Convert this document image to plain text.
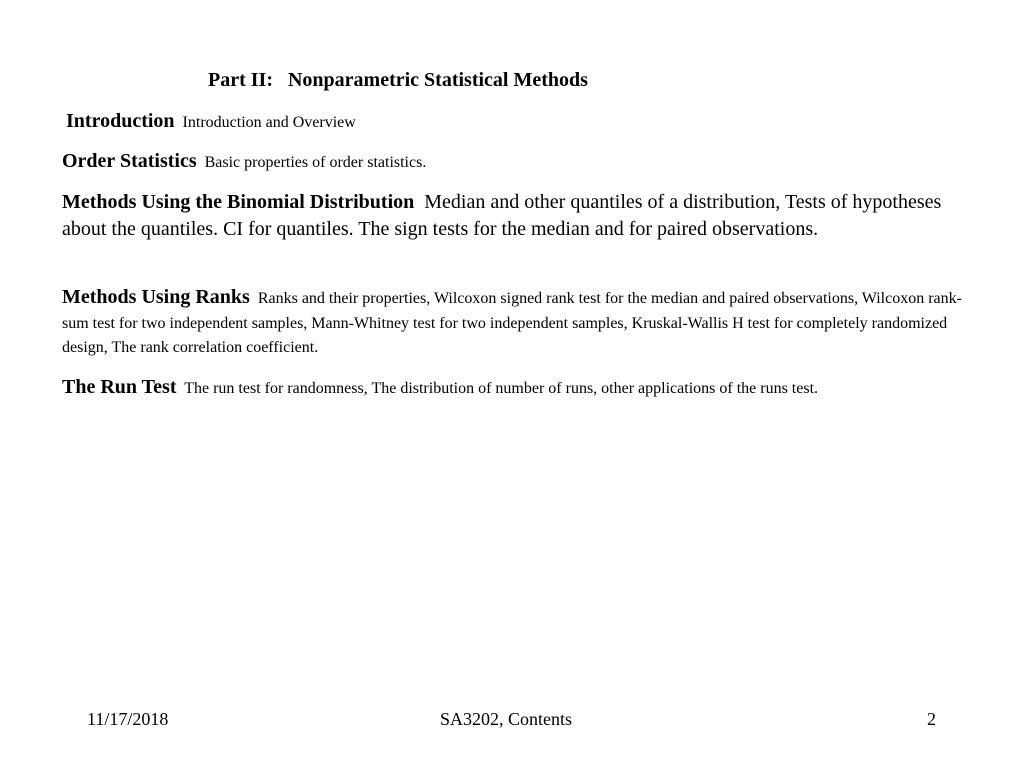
Part II:   Nonparametric Statistical Methods

Introduction Introduction and Overview

Order Statistics Basic properties of order statistics.

Methods Using the Binomial Distribution Median and other quantiles of a distribution, Tests of hypotheses about the quantiles. CI for quantiles. The sign tests for the median and for paired observations.

Methods Using Ranks Ranks and their properties, Wilcoxon signed rank test for the median and paired observations, Wilcoxon rank-sum test for two independent samples, Mann-Whitney test for two independent samples, Kruskal-Wallis H test for completely randomized design, The rank correlation coefficient.

The Run Test The run test for randomness, The distribution of number of runs, other applications of the runs test.

11/17/2018	SA3202, Contents	2
